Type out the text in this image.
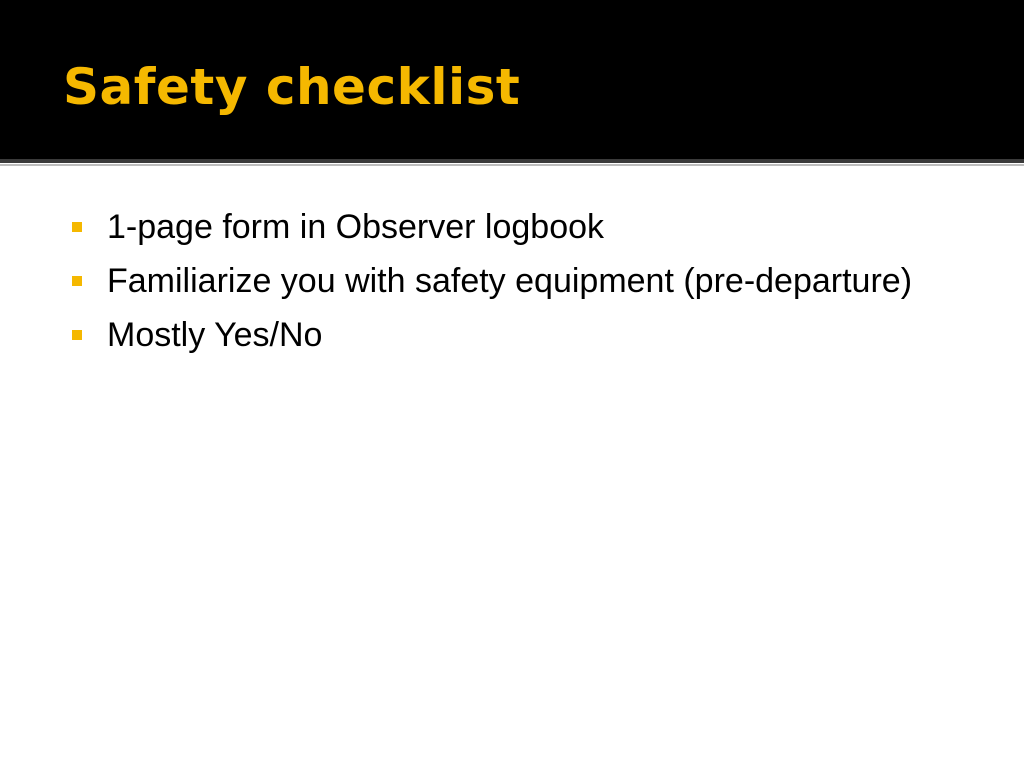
Safety checklist
1-page form in Observer logbook
Familiarize you with safety equipment (pre-departure)
Mostly Yes/No
